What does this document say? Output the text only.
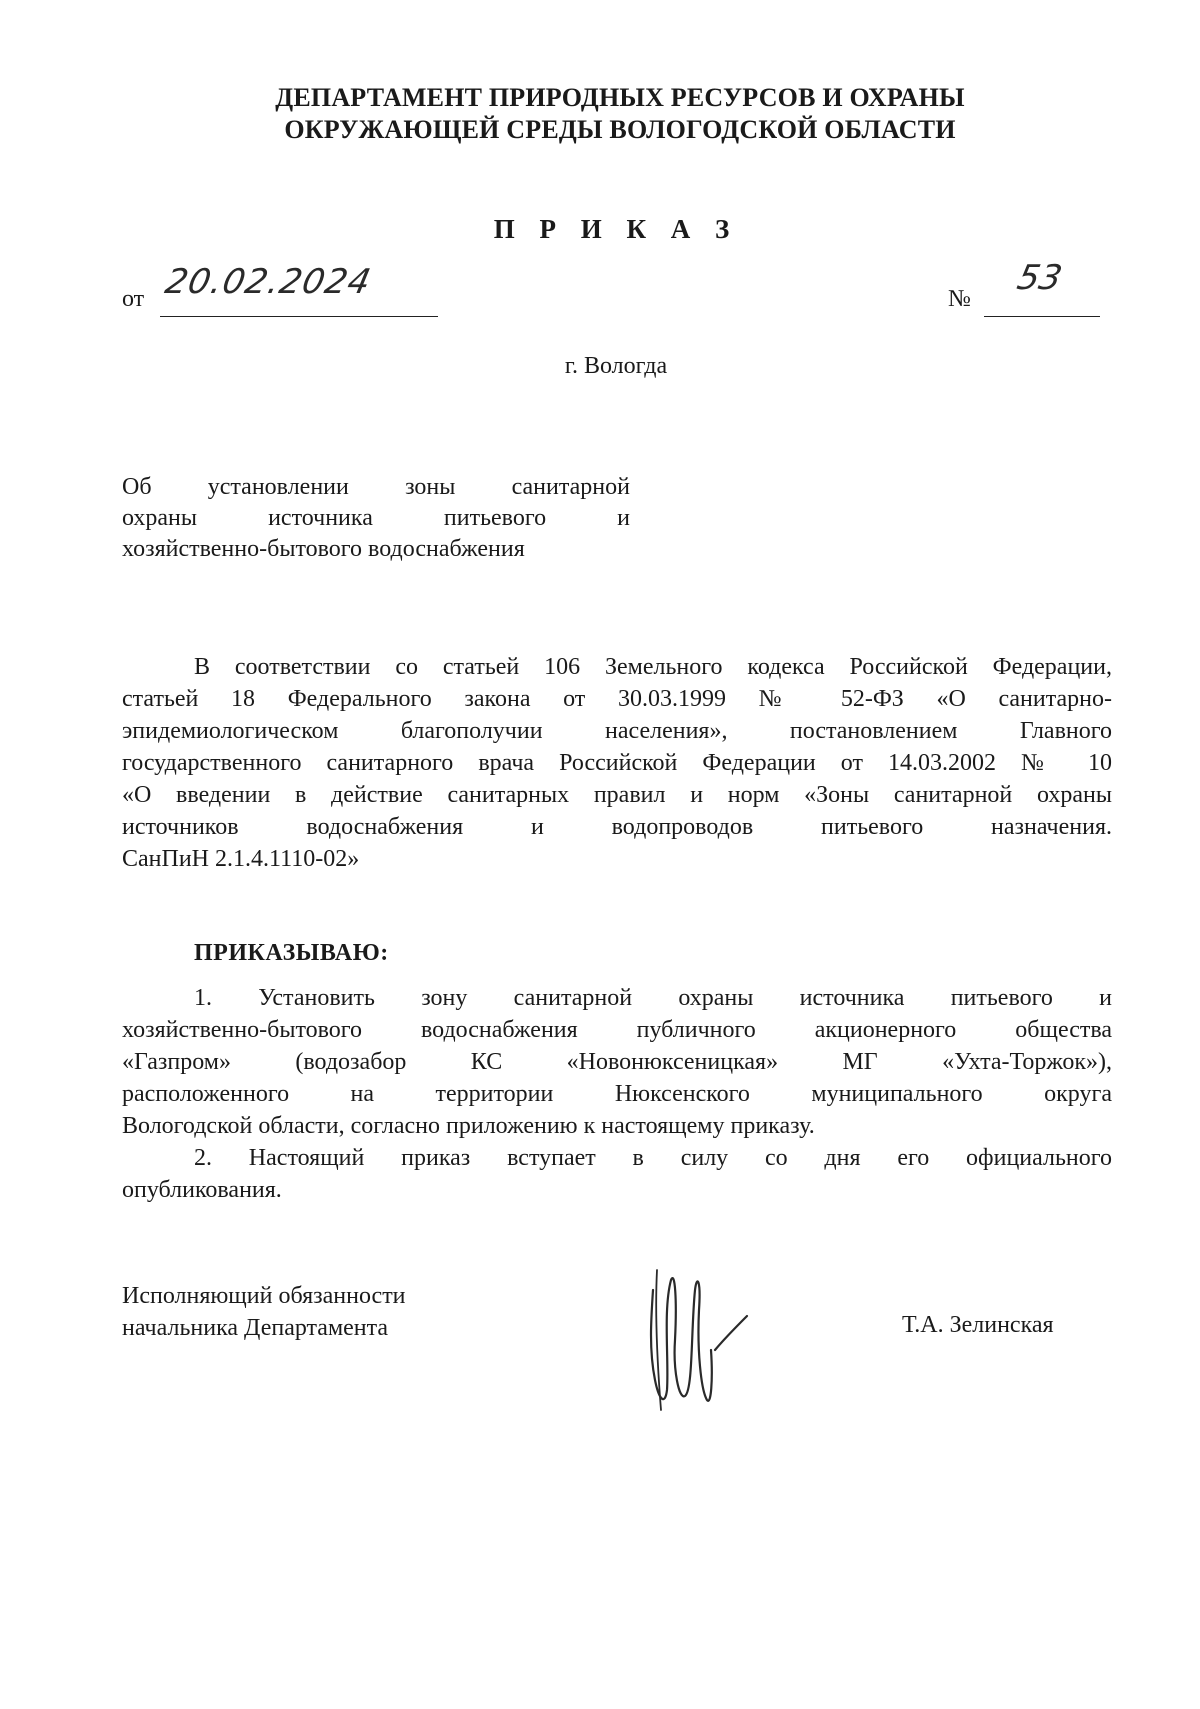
ДЕПАРТАМЕНТ ПРИРОДНЫХ РЕСУРСОВ И ОХРАНЫ
ОКРУЖАЮЩЕЙ СРЕДЫ ВОЛОГОДСКОЙ ОБЛАСТИ
П Р И К А З
от 20.02.2024	№
53
г. Вологда
Об установлении зоны санитарной
охраны источника питьевого и
хозяйственно-бытового водоснабжения
В соответствии со статьей 106 Земельного кодекса Российской Федерации,
статьей 18 Федерального закона от 30.03.1999 № 52-ФЗ «О санитарно-
эпидемиологическом благополучии населения», постановлением Главного
государственного санитарного врача Российской Федерации от 14.03.2002 № 10
«О введении в действие санитарных правил и норм «Зоны санитарной охраны
источников водоснабжения и водопроводов питьевого назначения.
СанПиН 2.1.4.1110-02»
ПРИКАЗЫВАЮ:
1. Установить зону санитарной охраны источника питьевого и
хозяйственно-бытового водоснабжения публичного акционерного общества
«Газпром» (водозабор КС «Новонюксеницкая» МГ «Ухта-Торжок»),
расположенного на территории Нюксенского муниципального округа
Вологодской области, согласно приложению к настоящему приказу.
2. Настоящий приказ вступает в силу со дня его официального
опубликования.
Исполняющий обязанности
начальника Департамента	Т.А. Зелинская
